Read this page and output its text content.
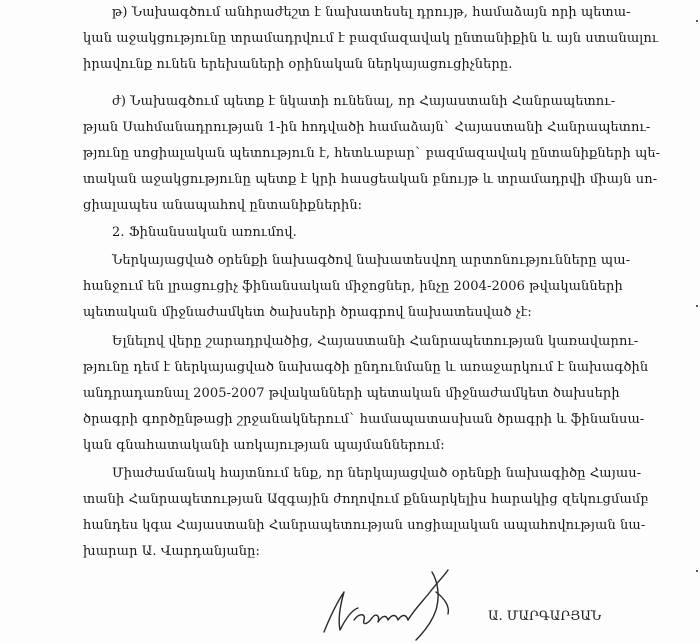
թ) Նախագծում անհրաժեշտ է նախատեսել դրույթ, համաձայն որի պետա-
կան աջակցությունը տրամադրվում է բազմազավակ ընտանիքին և այն ստանալու
իրավունք ունեն երեխաների օրինական ներկայացուցիչները.
ժ) Նախագծում պետք է նկատի ունենալ, որ Հայաստանի Հանրապետու-
թյան Սահմանադրության 1-ին հոդվածի համաձայն` Հայաստանի Հանրապետու-
թյունը սոցիալական պետություն է, հետևաբար` բազմազավակ ընտանիքների պե-
տական աջակցությունը պետք է կրի հասցեական բնույթ և տրամադրվի միայն սո-
ցիալապես անապահով ընտանիքներին:
2. Ֆինանսական առումով.
Ներկայացված օրենքի նախագծով նախատեսվող արտոնությունները պա-
հանջում են լրացուցիչ ֆինանսական միջոցներ, ինչը 2004-2006 թվականների
պետական միջնաժամկետ ծախսերի ծրագրով նախատեսված չէ:
Ելնելով վերը շարադրվածից, Հայաստանի Հանրապետության կառավարու-
թյունը դեմ է ներկայացված նախագծի ընդունմանը և առաջարկում է նախագծին
անդրադառնալ 2005-2007 թվականների պետական միջնաժամկետ ծախսերի
ծրագրի գործընթացի շրջանակներում` համապատասխան ծրագրի և ֆինանսա-
կան գնահատականի առկայության պայմաններում:
Միաժամանակ հայտնում ենք, որ ներկայացված օրենքի նախագիծը Հայաս-
տանի Հանրապետության Ազգային ժողովում քննարկելիս հարակից զեկուցմամբ
հանդես կգա Հայաստանի Հանրապետության սոցիալական ապահովության նա-
խարար Ա. Վարդանյանը:
Ա. ՄԱՐԳԱՐՅԱՆ
